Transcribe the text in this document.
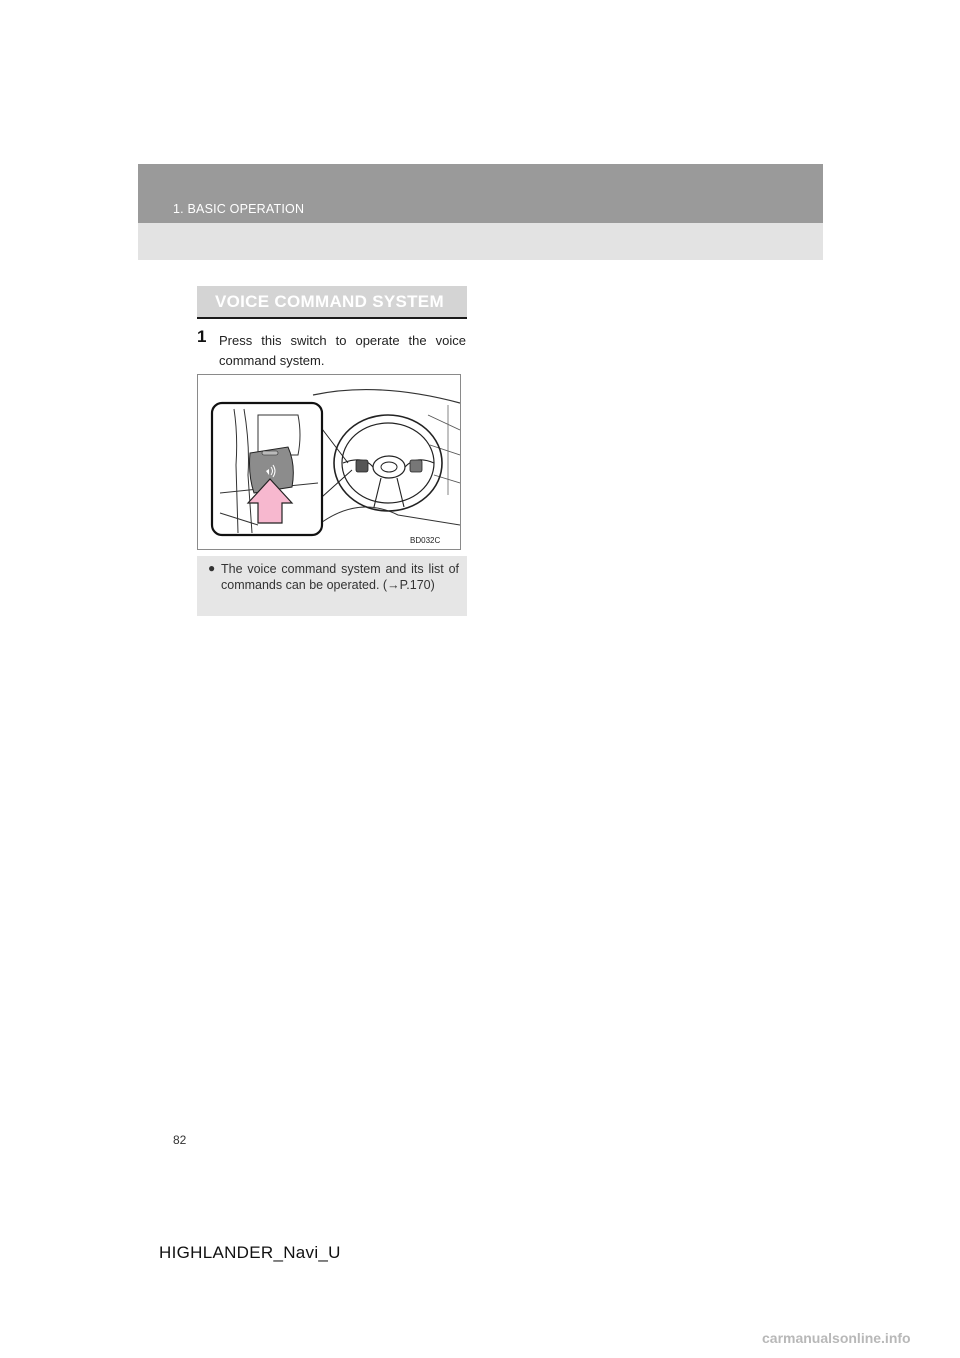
1. BASIC OPERATION
VOICE COMMAND SYSTEM
1 Press this switch to operate the voice command system.
BD032C
● The voice command system and its list of commands can be operated. (→P.170)
82
HIGHLANDER_Navi_U
carmanualsonline.info
